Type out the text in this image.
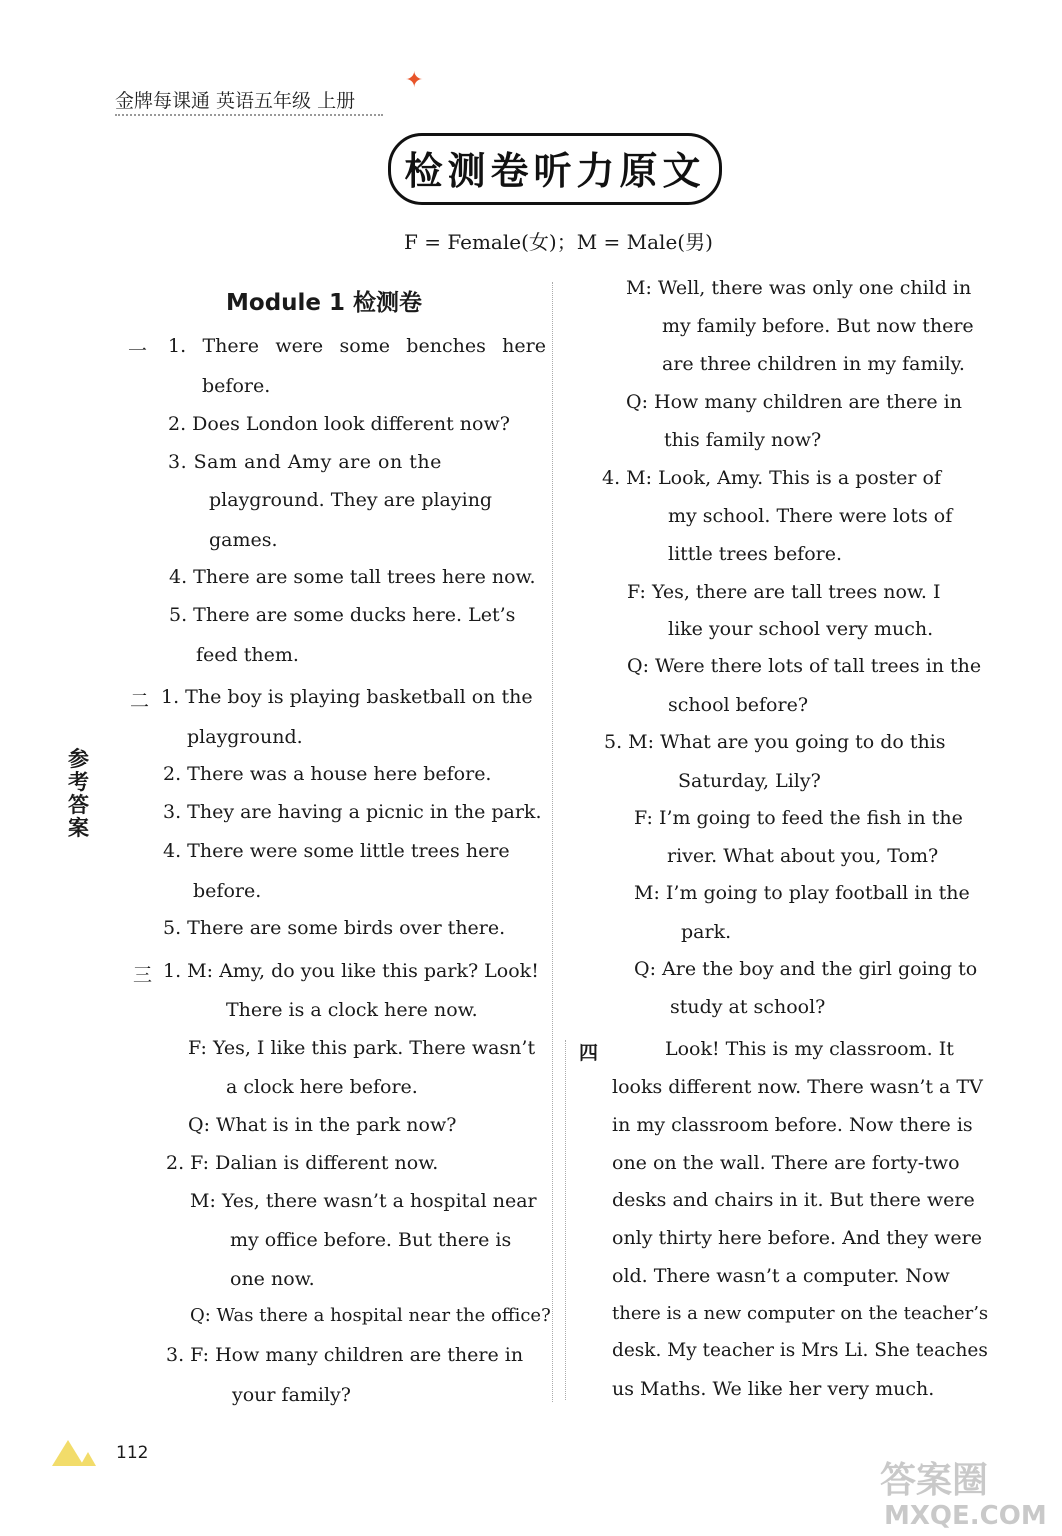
金牌每课通 英语五年级 上册
✦
检测卷听力原文
F = Female(女)；M = Male(男)
Module 1 检测卷
一
二
三
四
1. There were some benches here
before.
2. Does London look different now?
3. Sam and Amy are on the
playground. They are playing
games.
4. There are some tall trees here now.
5. There are some ducks here. Let’s
feed them.
1. The boy is playing basketball on the
playground.
2. There was a house here before.
3. They are having a picnic in the park.
4. There were some little trees here
before.
5. There are some birds over there.
1. M: Amy, do you like this park? Look!
There is a clock here now.
F: Yes, I like this park. There wasn’t
a clock here before.
Q: What is in the park now?
2. F: Dalian is different now.
M: Yes, there wasn’t a hospital near
my office before. But there is
one now.
Q: Was there a hospital near the office?
3. F: How many children are there in
your family?
M: Well, there was only one child in
my family before. But now there
are three children in my family.
Q: How many children are there in
this family now?
4. M: Look, Amy. This is a poster of
my school. There were lots of
little trees before.
F: Yes, there are tall trees now. I
like your school very much.
Q: Were there lots of tall trees in the
school before?
5. M: What are you going to do this
Saturday, Lily?
F: I’m going to feed the fish in the
river. What about you, Tom?
M: I’m going to play football in the
park.
Q: Are the boy and the girl going to
study at school?
Look! This is my classroom. It
looks different now. There wasn’t a TV
in my classroom before. Now there is
one on the wall. There are forty-two
desks and chairs in it. But there were
only thirty here before. And they were
old. There wasn’t a computer. Now
there is a new computer on the teacher’s
desk. My teacher is Mrs Li. She teaches
us Maths. We like her very much.
参考答案
112
答案圈
MXQE.COM
